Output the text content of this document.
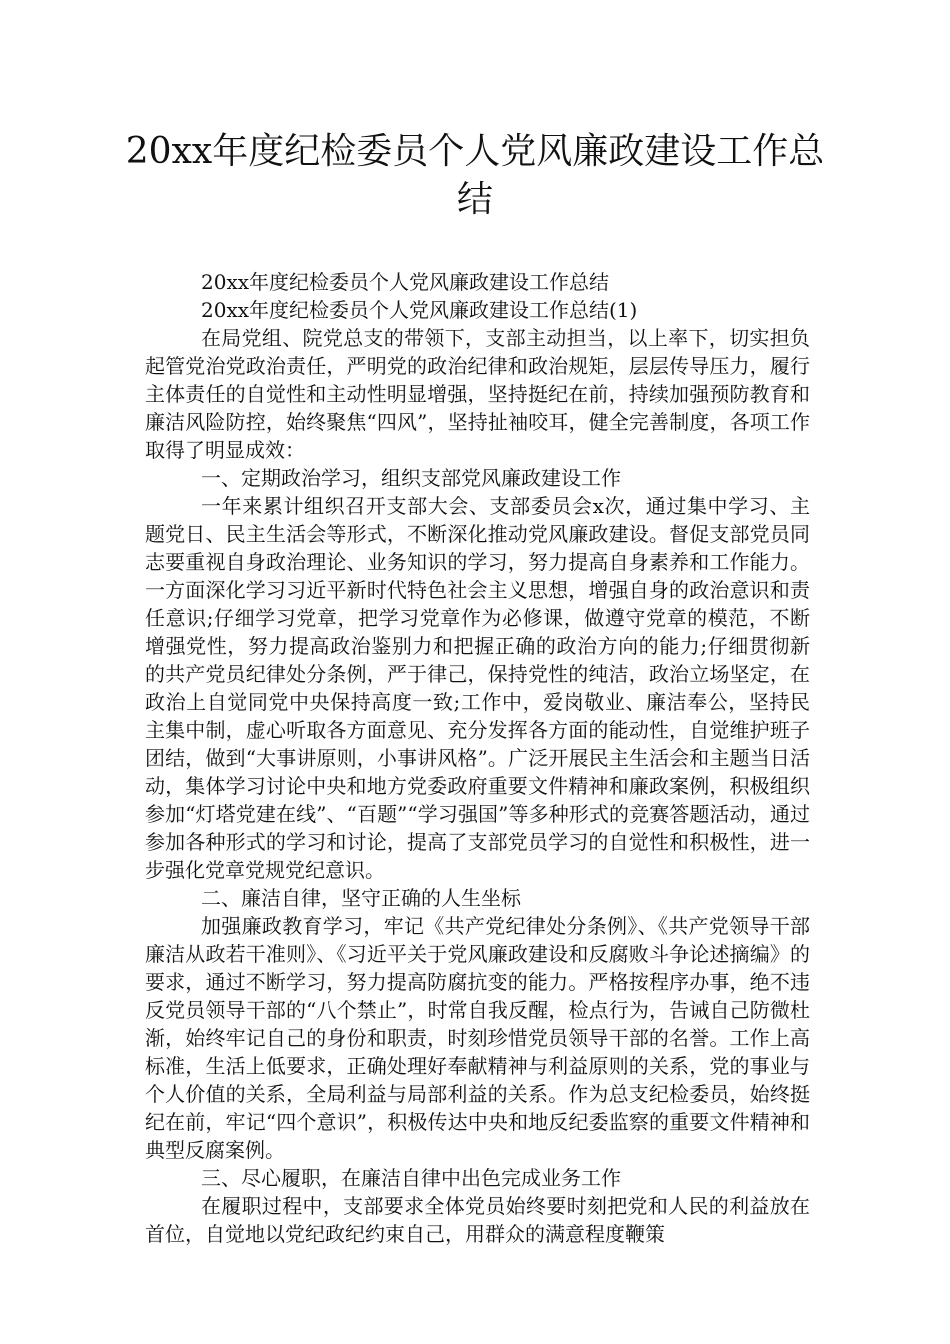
20xx年度纪检委员个人党风廉政建设工作总结

20xx年度纪检委员个人党风廉政建设工作总结

20xx年度纪检委员个人党风廉政建设工作总结(1)

在局党组、院党总支的带领下，支部主动担当，以上率下，切实担负起管党治党政治责任，严明党的政治纪律和政治规矩，层层传导压力，履行主体责任的自觉性和主动性明显增强，坚持挺纪在前，持续加强预防教育和廉洁风险防控，始终聚焦“四风”，坚持扯袖咬耳，健全完善制度，各项工作取得了明显成效：

一、定期政治学习，组织支部党风廉政建设工作

一年来累计组织召开支部大会、支部委员会x次，通过集中学习、主题党日、民主生活会等形式，不断深化推动党风廉政建设。督促支部党员同志要重视自身政治理论、业务知识的学习，努力提高自身素养和工作能力。一方面深化学习习近平新时代特色社会主义思想，增强自身的政治意识和责任意识;仔细学习党章，把学习党章作为必修课，做遵守党章的模范，不断增强党性，努力提高政治鉴别力和把握正确的政治方向的能力;仔细贯彻新的共产党员纪律处分条例，严于律己，保持党性的纯洁，政治立场坚定，在政治上自觉同党中央保持高度一致;工作中，爱岗敬业、廉洁奉公，坚持民主集中制，虚心听取各方面意见、充分发挥各方面的能动性，自觉维护班子团结，做到“大事讲原则，小事讲风格”。广泛开展民主生活会和主题当日活动，集体学习讨论中央和地方党委政府重要文件精神和廉政案例，积极组织参加“灯塔党建在线”、“百题”“学习强国”等多种形式的竞赛答题活动，通过参加各种形式的学习和讨论，提高了支部党员学习的自觉性和积极性，进一步强化党章党规党纪意识。

二、廉洁自律，坚守正确的人生坐标

加强廉政教育学习，牢记《共产党纪律处分条例》、《共产党领导干部廉洁从政若干准则》、《习近平关于党风廉政建设和反腐败斗争论述摘编》的要求，通过不断学习，努力提高防腐抗变的能力。严格按程序办事，绝不违反党员领导干部的“八个禁止”，时常自我反醒，检点行为，告诫自己防微杜渐，始终牢记自己的身份和职责，时刻珍惜党员领导干部的名誉。工作上高标准，生活上低要求，正确处理好奉献精神与利益原则的关系，党的事业与个人价值的关系，全局利益与局部利益的关系。作为总支纪检委员，始终挺纪在前，牢记“四个意识”，积极传达中央和地反纪委监察的重要文件精神和典型反腐案例。

三、尽心履职，在廉洁自律中出色完成业务工作

在履职过程中，支部要求全体党员始终要时刻把党和人民的利益放在首位，自觉地以党纪政纪约束自己，用群众的满意程度鞭策
